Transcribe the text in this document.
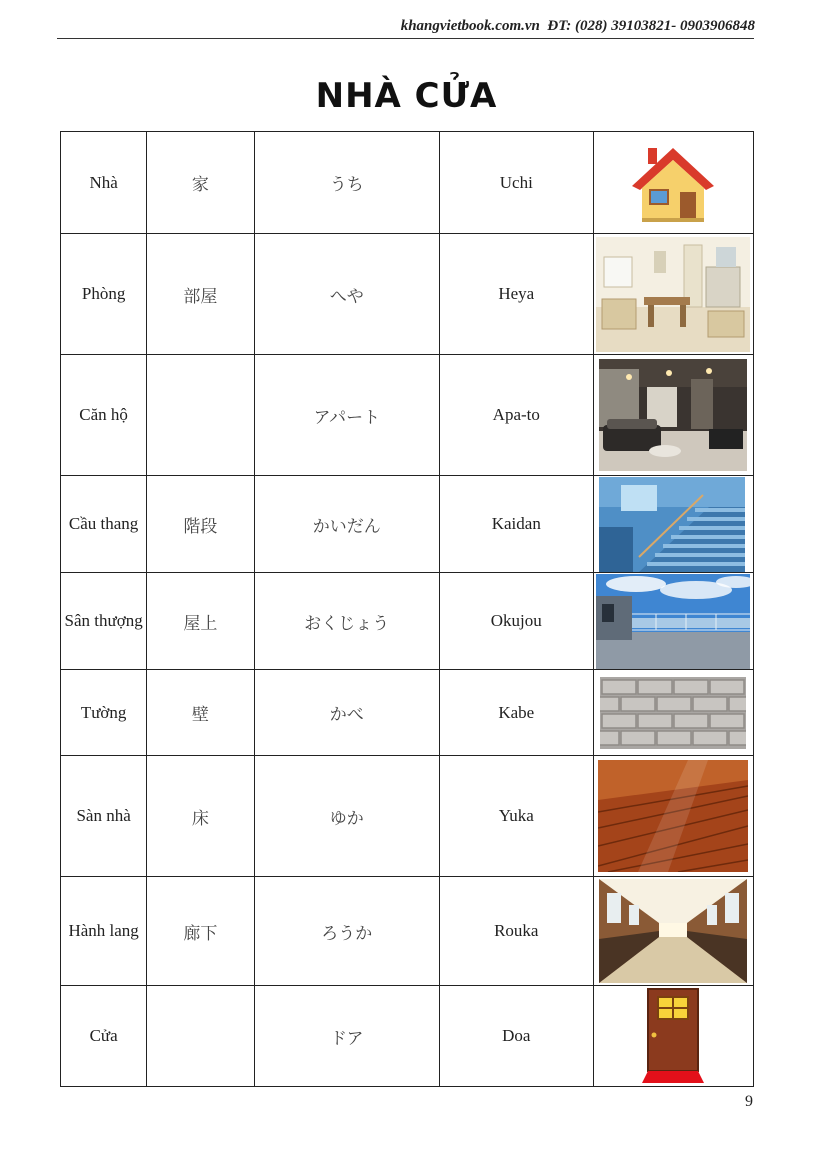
khangvietbook.com.vn ĐT: (028) 39103821- 0903906848
NHÀ CỬA
Nhà	家	うち	Uchi	

Phòng	部屋	へや	Heya	

Căn hộ		アパート	Apa-to	

Cầu thang	階段	かいだん	Kaidan	

Sân thượng	屋上	おくじょう	Okujou	

Tường	壁	かべ	Kabe	

Sàn nhà	床	ゆか	Yuka	

Hành lang	廊下	ろうか	Rouka	

Cửa		ドア	Doa	
9
